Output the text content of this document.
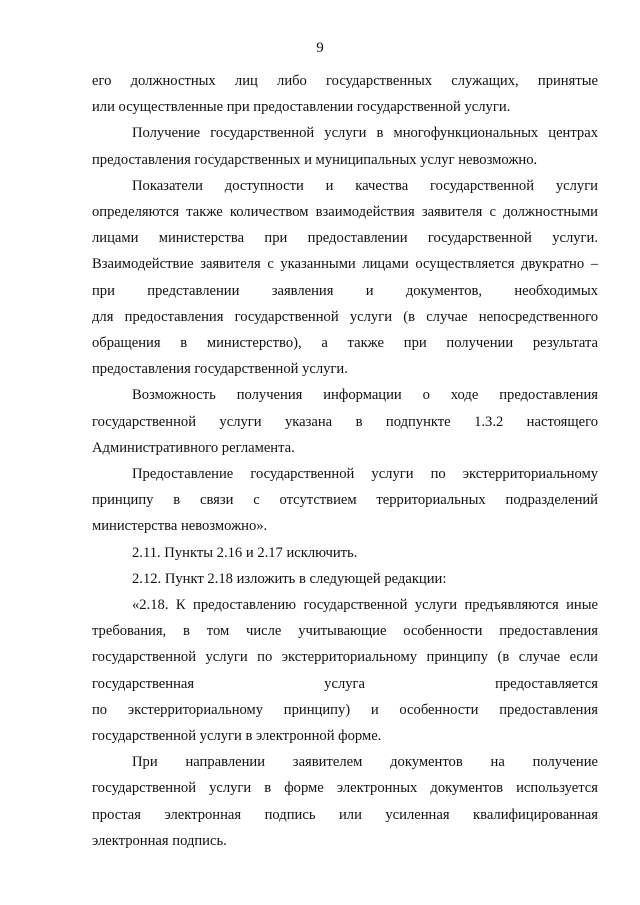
9
его должностных лиц либо государственных служащих, принятые
или осуществленные при предоставлении государственной услуги.
Получение государственной услуги в многофункциональных центрах
предоставления государственных и муниципальных услуг невозможно.
Показатели доступности и качества государственной услуги
определяются также количеством взаимодействия заявителя с должностными
лицами министерства при предоставлении государственной услуги.
Взаимодействие заявителя с указанными лицами осуществляется двукратно –
при представлении заявления и документов, необходимых
для предоставления государственной услуги (в случае непосредственного
обращения в министерство), а также при получении результата
предоставления государственной услуги.
Возможность получения информации о ходе предоставления
государственной услуги указана в подпункте 1.3.2 настоящего
Административного регламента.
Предоставление государственной услуги по экстерриториальному
принципу в связи с отсутствием территориальных подразделений
министерства невозможно».
2.11. Пункты 2.16 и 2.17 исключить.
2.12. Пункт 2.18 изложить в следующей редакции:
«2.18. К предоставлению государственной услуги предъявляются иные
требования, в том числе учитывающие особенности предоставления
государственной услуги по экстерриториальному принципу (в случае если
государственная услуга предоставляется
по экстерриториальному принципу) и особенности предоставления
государственной услуги в электронной форме.
При направлении заявителем документов на получение
государственной услуги в форме электронных документов используется
простая электронная подпись или усиленная квалифицированная
электронная подпись.
